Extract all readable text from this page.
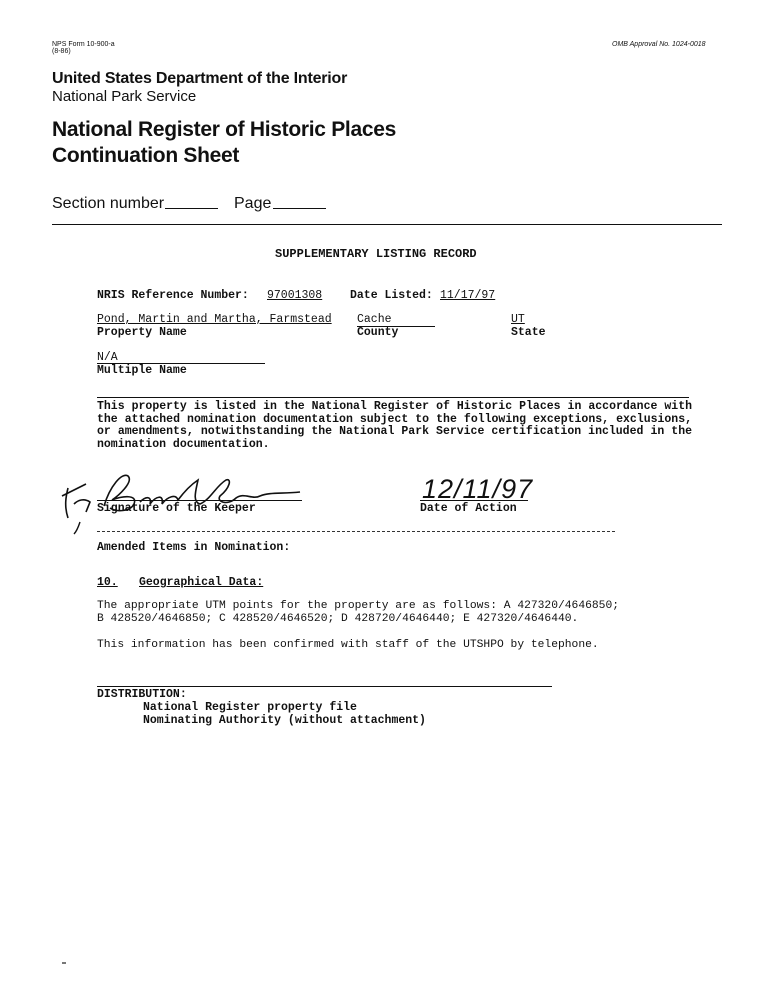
NPS Form 10-900-a
(8-86)
OMB Approval No. 1024-0018
United States Department of the Interior
National Park Service
National Register of Historic Places
Continuation Sheet
Section number	Page
SUPPLEMENTARY LISTING RECORD
NRIS Reference Number: 97001308 Date Listed: 11/17/97
Pond, Martin and Martha, Farmstead
Property Name
Cache
County
UT
State
N/A
Multiple Name
This property is listed in the National Register of Historic Places in accordance with the attached nomination documentation subject to the following exceptions, exclusions, or amendments, notwithstanding the National Park Service certification included in the nomination documentation.
for Beth L. Savage
Signature of the Keeper
12/11/97
Date of Action
Amended Items in Nomination:
10. Geographical Data:
The appropriate UTM points for the property are as follows: A 427320/4646850;
B 428520/4646850; C 428520/4646520; D 428720/4646440; E 427320/4646440.
This information has been confirmed with staff of the UTSHPO by telephone.
DISTRIBUTION:
National Register property file
Nominating Authority (without attachment)
